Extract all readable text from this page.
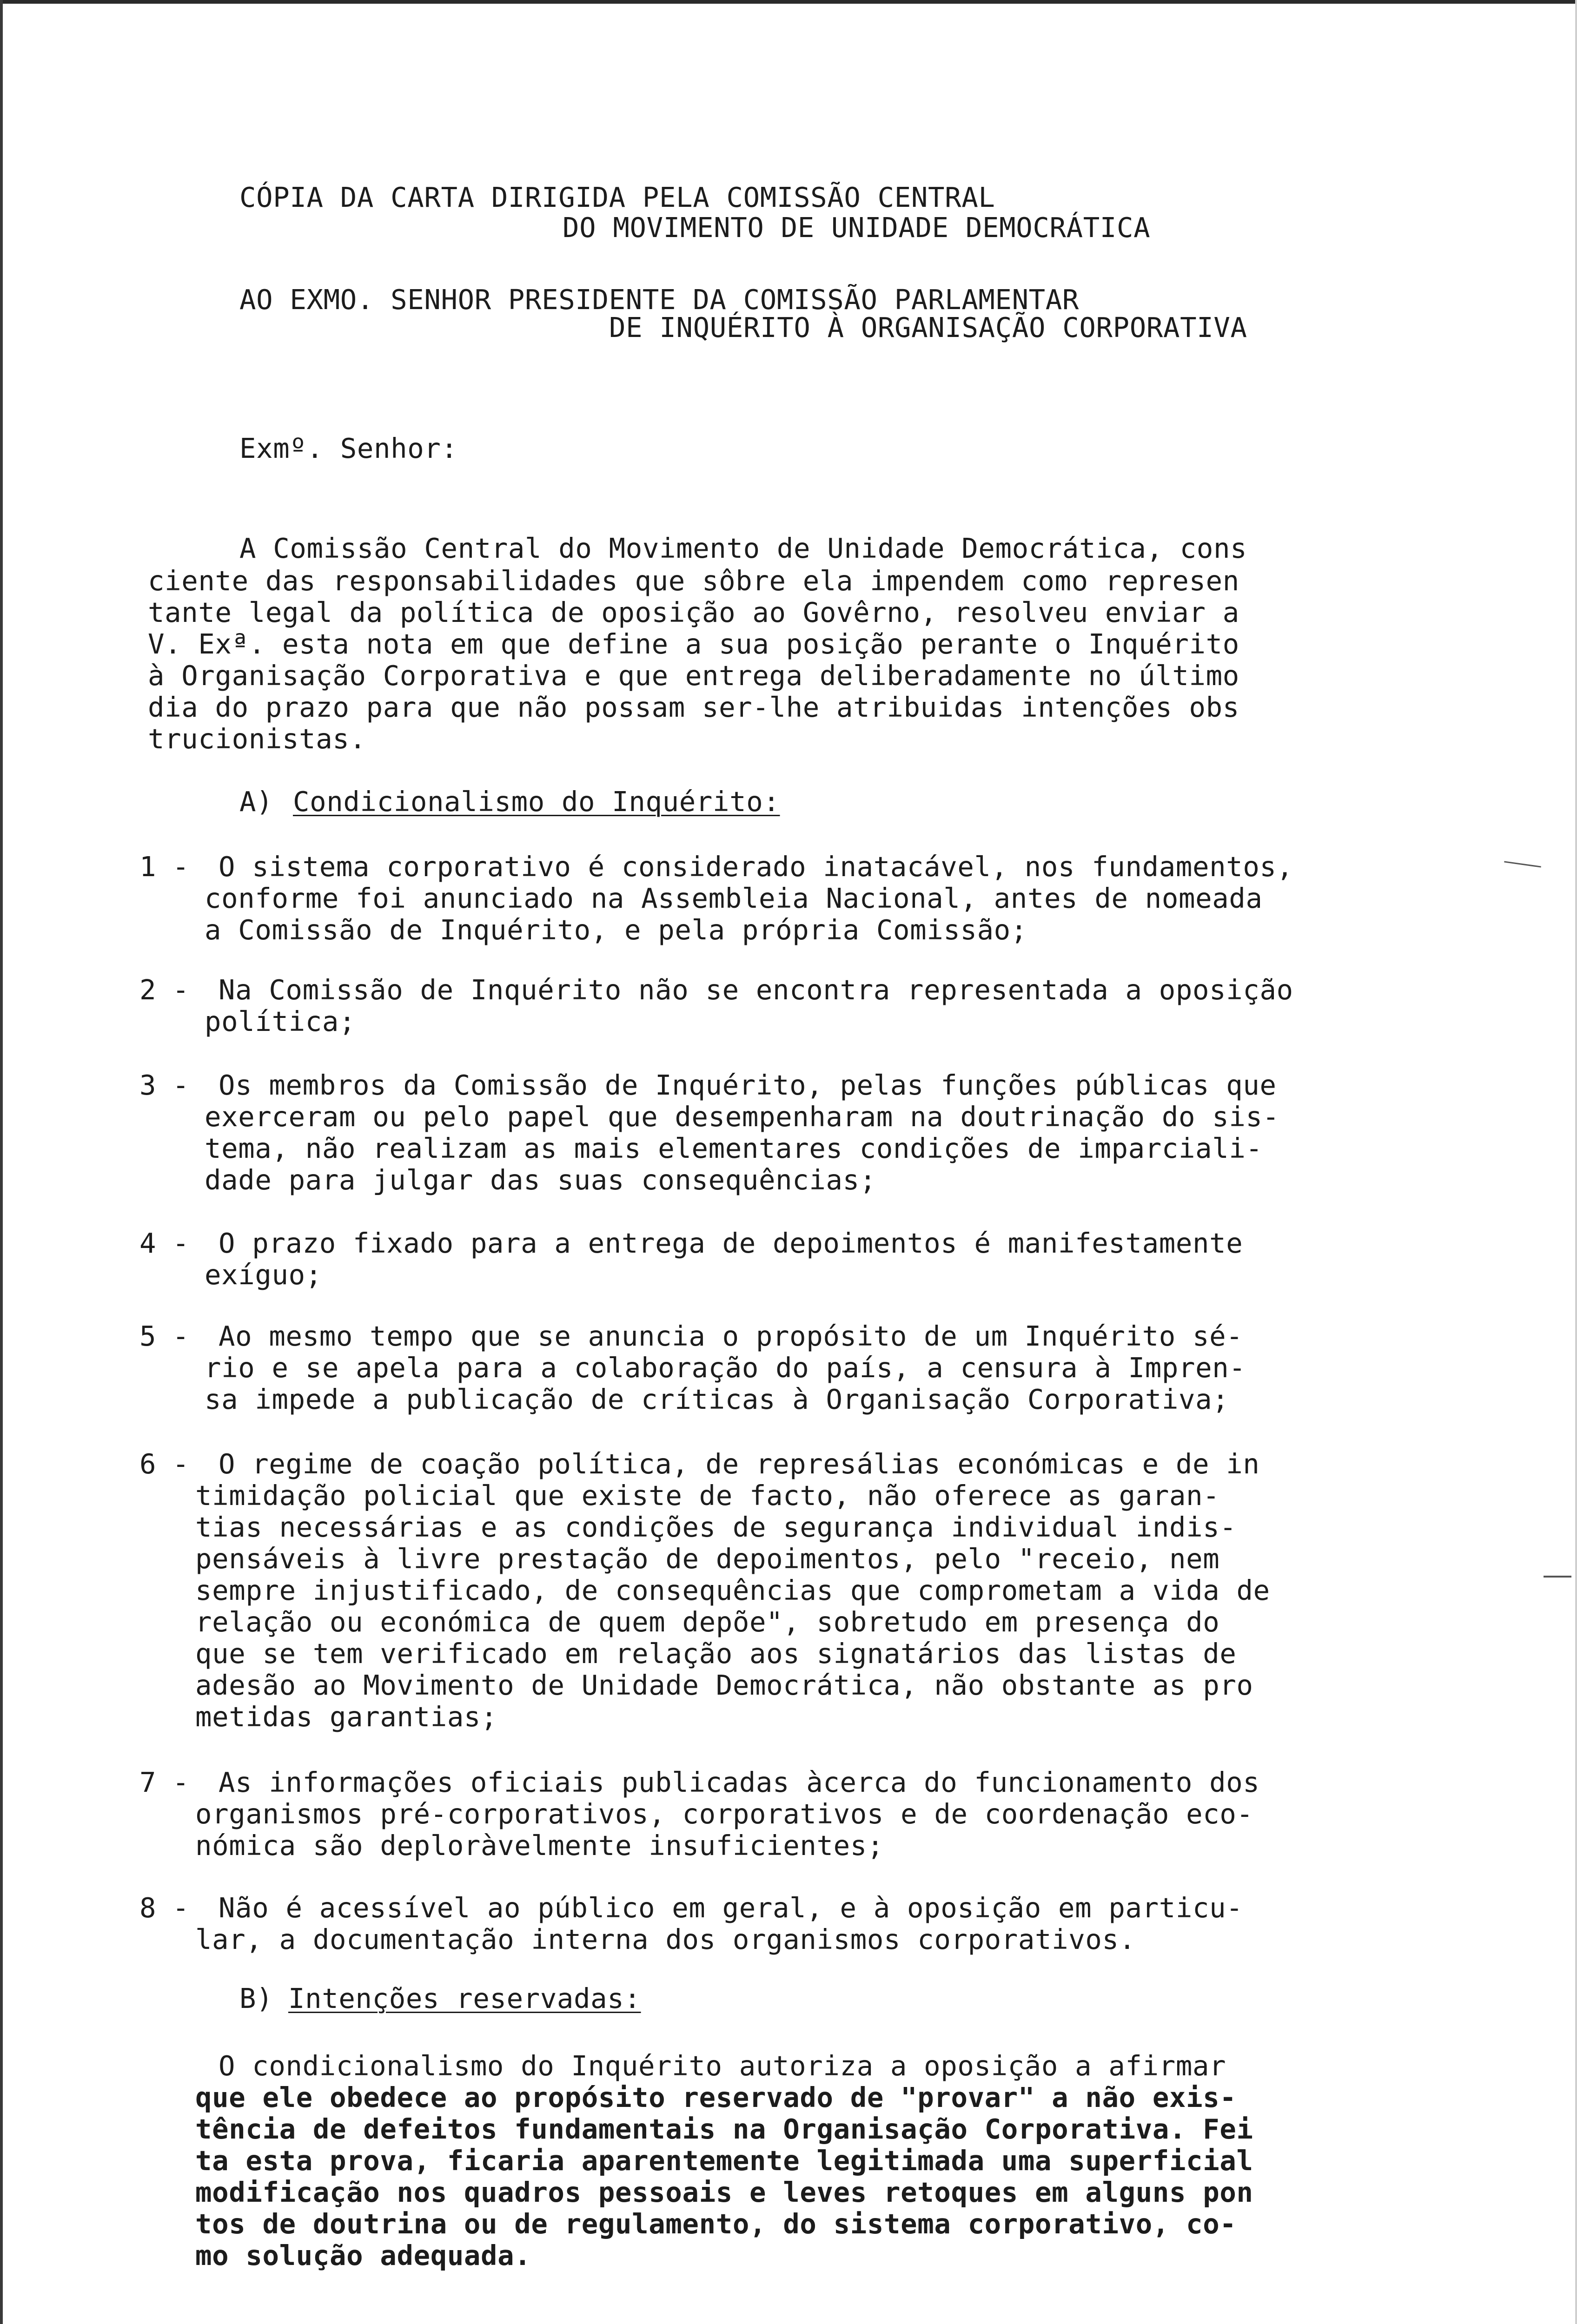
CÓPIA DA CARTA DIRIGIDA PELA COMISSÃO CENTRAL
DO MOVIMENTO DE UNIDADE DEMOCRÁTICA
AO EXMO. SENHOR PRESIDENTE DA COMISSÃO PARLAMENTAR
DE INQUÉRITO À ORGANISAÇÃO CORPORATIVA
Exmº. Senhor:
A Comissão Central do Movimento de Unidade Democrática, cons
ciente das responsabilidades que sôbre ela impendem como represen
tante legal da política de oposição ao Govêrno, resolveu enviar a
V. Exª. esta nota em que define a sua posição perante o Inquérito
à Organisação Corporativa e que entrega deliberadamente no último
dia do prazo para que não possam ser-lhe atribuidas intenções obs
trucionistas.
A) Condicionalismo do Inquérito:
1 - O sistema corporativo é considerado inatacável, nos fundamentos,
conforme foi anunciado na Assembleia Nacional, antes de nomeada
a Comissão de Inquérito, e pela própria Comissão;
2 - Na Comissão de Inquérito não se encontra representada a oposição
política;
3 - Os membros da Comissão de Inquérito, pelas funções públicas que
exerceram ou pelo papel que desempenharam na doutrinação do sis-
tema, não realizam as mais elementares condições de imparciali-
dade para julgar das suas consequências;
4 - O prazo fixado para a entrega de depoimentos é manifestamente
exíguo;
5 - Ao mesmo tempo que se anuncia o propósito de um Inquérito sé-
rio e se apela para a colaboração do país, a censura à Impren-
sa impede a publicação de críticas à Organisação Corporativa;
6 - O regime de coação política, de represálias económicas e de in
timidação policial que existe de facto, não oferece as garan-
tias necessárias e as condições de segurança individual indis-
pensáveis à livre prestação de depoimentos, pelo "receio, nem
sempre injustificado, de consequências que comprometam a vida de
relação ou económica de quem depõe", sobretudo em presença do
que se tem verificado em relação aos signatários das listas de
adesão ao Movimento de Unidade Democrática, não obstante as pro
metidas garantias;
7 - As informações oficiais publicadas àcerca do funcionamento dos
organismos pré-corporativos, corporativos e de coordenação eco-
nómica são deploràvelmente insuficientes;
8 - Não é acessível ao público em geral, e à oposição em particu-
lar, a documentação interna dos organismos corporativos.
B) Intenções reservadas:
O condicionalismo do Inquérito autoriza a oposição a afirmar
que ele obedece ao propósito reservado de "provar" a não exis-
tência de defeitos fundamentais na Organisação Corporativa. Fei
ta esta prova, ficaria aparentemente legitimada uma superficial
modificação nos quadros pessoais e leves retoques em alguns pon
tos de doutrina ou de regulamento, do sistema corporativo, co-
mo solução adequada.
